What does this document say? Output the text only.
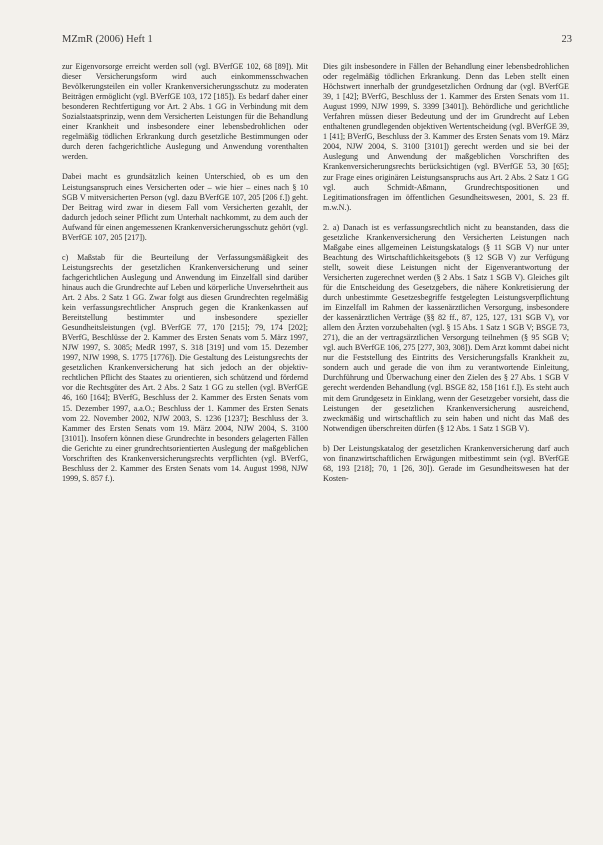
MZmR (2006) Heft 1	23

zur Eigenvorsorge erreicht werden soll (vgl. BVerfGE 102, 68 [89]). Mit dieser Versicherungsform wird auch einkommensschwachen Bevölkerungsteilen ein voller Krankenversicherungsschutz zu moderaten Beiträgen ermöglicht (vgl. BVerfGE 103, 172 [185]). Es bedarf daher einer besonderen Rechtfertigung vor Art. 2 Abs. 1 GG in Verbindung mit dem Sozialstaatsprinzip, wenn dem Versicherten Leistungen für die Behandlung einer Krankheit und insbesondere einer lebensbedrohlichen oder regelmäßig tödlichen Erkrankung durch gesetzliche Bestimmungen oder durch deren fachgerichtliche Auslegung und Anwendung vorenthalten werden.

Dabei macht es grundsätzlich keinen Unterschied, ob es um den Leistungsanspruch eines Versicherten oder – wie hier – eines nach § 10 SGB V mitversicherten Person (vgl. dazu BVerfGE 107, 205 [206 f.]) geht. Der Beitrag wird zwar in diesem Fall vom Versicherten gezahlt, der dadurch jedoch seiner Pflicht zum Unterhalt nachkommt, zu dem auch der Aufwand für einen angemessenen Krankenversicherungsschutz gehört (vgl. BVerfGE 107, 205 [217]).

c) Maßstab für die Beurteilung der Verfassungsmäßigkeit des Leistungsrechts der gesetzlichen Krankenversicherung und seiner fachgerichtlichen Auslegung und Anwendung im Einzelfall sind darüber hinaus auch die Grundrechte auf Leben und körperliche Unversehrtheit aus Art. 2 Abs. 2 Satz 1 GG. Zwar folgt aus diesen Grundrechten regelmäßig kein verfassungsrechtlicher Anspruch gegen die Krankenkassen auf Bereitstellung bestimmter und insbesondere spezieller Gesundheitsleistungen (vgl. BVerfGE 77, 170 [215]; 79, 174 [202]; BVerfG, Beschlüsse der 2. Kammer des Ersten Senats vom 5. März 1997, NJW 1997, S. 3085; MedR 1997, S. 318 [319] und vom 15. Dezember 1997, NJW 1998, S. 1775 [1776]). Die Gestaltung des Leistungsrechts der gesetzlichen Krankenversicherung hat sich jedoch an der objektiv-rechtlichen Pflicht des Staates zu orientieren, sich schützend und fördernd vor die Rechtsgüter des Art. 2 Abs. 2 Satz 1 GG zu stellen (vgl. BVerfGE 46, 160 [164]; BVerfG, Beschluss der 2. Kammer des Ersten Senats vom 15. Dezember 1997, a.a.O.; Beschluss der 1. Kammer des Ersten Senats vom 22. November 2002, NJW 2003, S. 1236 [1237]; Beschluss der 3. Kammer des Ersten Senats vom 19. März 2004, NJW 2004, S. 3100 [3101]). Insofern können diese Grundrechte in besonders gelagerten Fällen die Gerichte zu einer grundrechtsorientierten Auslegung der maßgeblichen Vorschriften des Krankenversicherungsrechts verpflichten (vgl. BVerfG, Beschluss der 2. Kammer des Ersten Senats vom 14. August 1998, NJW 1999, S. 857 f.).

Dies gilt insbesondere in Fällen der Behandlung einer lebensbedrohlichen oder regelmäßig tödlichen Erkrankung. Denn das Leben stellt einen Höchstwert innerhalb der grundgesetzlichen Ordnung dar (vgl. BVerfGE 39, 1 [42]; BVerfG, Beschluss der 1. Kammer des Ersten Senats vom 11. August 1999, NJW 1999, S. 3399 [3401]). Behördliche und gerichtliche Verfahren müssen dieser Bedeutung und der im Grundrecht auf Leben enthaltenen grundlegenden objektiven Wertentscheidung (vgl. BVerfGE 39, 1 [41]; BVerfG, Beschluss der 3. Kammer des Ersten Senats vom 19. März 2004, NJW 2004, S. 3100 [3101]) gerecht werden und sie bei der Auslegung und Anwendung der maßgeblichen Vorschriften des Krankenversicherungsrechts berücksichtigen (vgl. BVerfGE 53, 30 [65]; zur Frage eines originären Leistungsanspruchs aus Art. 2 Abs. 2 Satz 1 GG vgl. auch Schmidt-Aßmann, Grundrechtspositionen und Legitimationsfragen im öffentlichen Gesundheitswesen, 2001, S. 23 ff. m.w.N.).

2. a) Danach ist es verfassungsrechtlich nicht zu beanstanden, dass die gesetzliche Krankenversicherung den Versicherten Leistungen nach Maßgabe eines allgemeinen Leistungskatalogs (§ 11 SGB V) nur unter Beachtung des Wirtschaftlichkeitsgebots (§ 12 SGB V) zur Verfügung stellt, soweit diese Leistungen nicht der Eigenverantwortung der Versicherten zugerechnet werden (§ 2 Abs. 1 Satz 1 SGB V). Gleiches gilt für die Entscheidung des Gesetzgebers, die nähere Konkretisierung der durch unbestimmte Gesetzesbegriffe festgelegten Leistungsverpflichtung im Einzelfall im Rahmen der kassenärztlichen Versorgung, insbesondere der kassenärztlichen Verträge (§§ 82 ff., 87, 125, 127, 131 SGB V), vor allem den Ärzten vorzubehalten (vgl. § 15 Abs. 1 Satz 1 SGB V; BSGE 73, 271), die an der vertragsärztlichen Versorgung teilnehmen (§ 95 SGB V; vgl. auch BVerfGE 106, 275 [277, 303, 308]). Dem Arzt kommt dabei nicht nur die Feststellung des Eintritts des Versicherungsfalls Krankheit zu, sondern auch und gerade die von ihm zu verantwortende Einleitung, Durchführung und Überwachung einer den Zielen des § 27 Abs. 1 SGB V gerecht werdenden Behandlung (vgl. BSGE 82, 158 [161 f.]). Es steht auch mit dem Grundgesetz in Einklang, wenn der Gesetzgeber vorsieht, dass die Leistungen der gesetzlichen Krankenversicherung ausreichend, zweckmäßig und wirtschaftlich zu sein haben und nicht das Maß des Notwendigen überschreiten dürfen (§ 12 Abs. 1 Satz 1 SGB V).

b) Der Leistungskatalog der gesetzlichen Krankenversicherung darf auch von finanzwirtschaftlichen Erwägungen mitbestimmt sein (vgl. BVerfGE 68, 193 [218]; 70, 1 [26, 30]). Gerade im Gesundheitswesen hat der Kosten-
